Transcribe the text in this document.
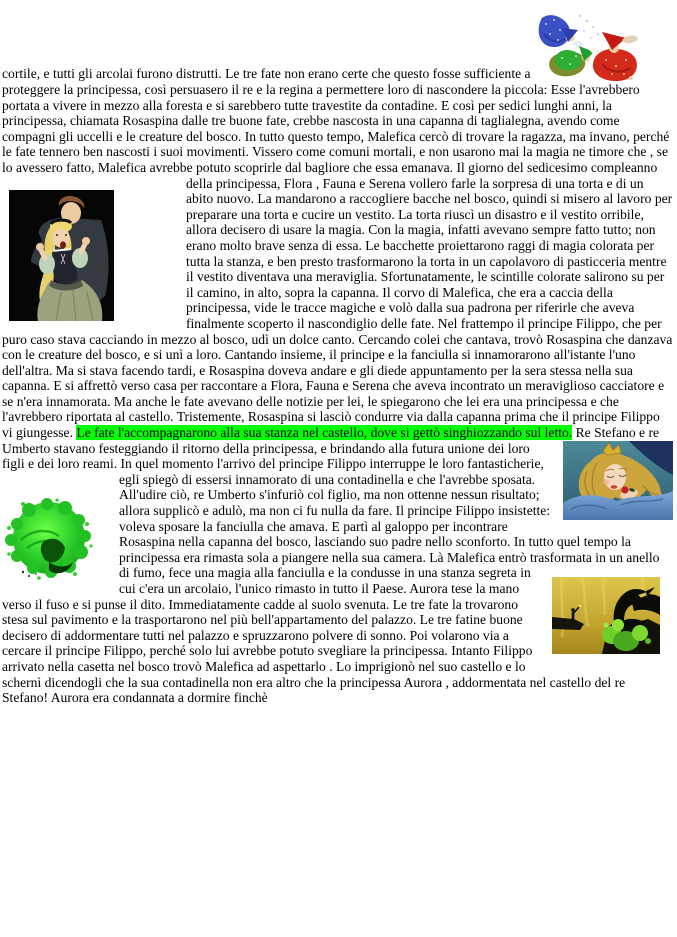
cortile, e tutti gli arcolai furono distrutti. Le tre fate non erano certe che questo fosse sufficiente a proteggere la principessa, così persuasero il re e la regina a permettere loro di nascondere la piccola: Esse l'avrebbero portata a vivere in mezzo alla foresta e si sarebbero tutte travestite da contadine. E così per sedici lunghi anni, la principessa, chiamata Rosaspina dalle tre buone fate, crebbe nascosta in una capanna di taglialegna, avendo come compagni gli uccelli e le creature del bosco. In tutto questo tempo, Malefica cercò di trovare la ragazza, ma invano, perché le fate tennero ben nascosti i suoi movimenti. Vissero come comuni mortali, e non usarono mai la magia ne timore che , se lo avessero fatto, Malefica avrebbe potuto scoprirle dal bagliore che essa emanava. Il giorno del sedicesimo compleanno della principessa, Flora , Fauna e Serena vollero
farle la sorpresa di una torta e di un abito nuovo. La mandarono a raccogliere bacche nel bosco, quindi si misero al lavoro per preparare una torta e cucire un vestito. La torta riuscì un disastro e il vestito orribile, allora decisero di usare la magia. Con la magia, infatti avevano sempre fatto tutto; non erano molto brave senza di essa. Le bacchette proiettarono raggi di magia colorata per tutta la stanza, e ben presto trasformarono la torta in un capolavoro di pasticceria mentre il vestito diventava una meraviglia. Sfortunatamente, le scintille colorate salirono su per il camino, in alto, sopra la capanna. Il corvo di Malefica, che era a caccia della principessa, vide le tracce magiche e volò dalla sua padrona per riferirle che aveva finalmente scoperto il nascondiglio delle fate. Nel frattempo il principe Filippo, che per puro caso stava cacciando in mezzo al bosco, udì un dolce canto. Cercando colei che cantava, trovò Rosaspina che danzava con le creature del bosco, e si unì a loro. Cantando insieme, il principe e la fanciulla si innamorarono all'istante l'uno dell'altra. Ma si stava facendo tardi, e Rosaspina doveva andare e gli diede appuntamento per la sera stessa nella sua capanna. E si affrettò verso casa per raccontare a Flora, Fauna e Serena che aveva incontrato un meraviglioso cacciatore e se n'era innamorata. Ma anche le fate avevano delle notizie per lei, le spiegarono che lei era una principessa e che l'avrebbero riportata al castello. Tristemente, Rosaspina si lasciò condurre via dalla capanna prima che il principe Filippo vi giungesse. Le fate l'accompagnarono alla sua stanza nel castello, dove si gettò singhiozzando sul letto.
Re Stefano e re Umberto stavano festeggiando il ritorno della principessa, e brindando alla futura unione dei loro figli e dei loro reami. In quel momento l'arrivo del principe Filippo interruppe le
loro fantasticherie, egli spiegò di essersi innamorato di una contadinella e che l'avrebbe sposata. All'udire ciò, re Umberto s'infuriò col figlio, ma non ottenne nessun risultato; allora supplicò e adulò, ma non ci fu nulla da fare. Il principe Filippo insistette: voleva sposare la fanciulla che amava. E partì al galoppo per incontrare Rosaspina nella capanna del bosco, lasciando suo padre nello sconforto. In tutto quel tempo la principessa era rimasta sola a piangere nella sua camera. Là Malefica entrò trasformata in un anello di
fumo, fece una magia alla fanciulla e la condusse in una stanza segreta in cui c'era un arcolaio, l'unico rimasto in tutto il Paese. Aurora tese la mano verso il fuso e si punse il dito. Immediatamente cadde al suolo svenuta. Le tre fate la trovarono stesa sul pavimento e la trasportarono nel più bell'appartamento del palazzo. Le tre fatine buone decisero di addormentare tutti nel palazzo e spruzzarono polvere di sonno. Poi volarono via a cercare il principe Filippo, perché solo lui avrebbe potuto svegliare la principessa. Intanto Filippo arrivato nella casetta nel bosco trovò Malefica ad aspettarlo . Lo imprigionò nel suo castello e lo schernì dicendogli che la sua contadinella non era altro che la principessa Aurora , addormentata nel castello del re Stefano! Aurora era condannata a dormire finchè
